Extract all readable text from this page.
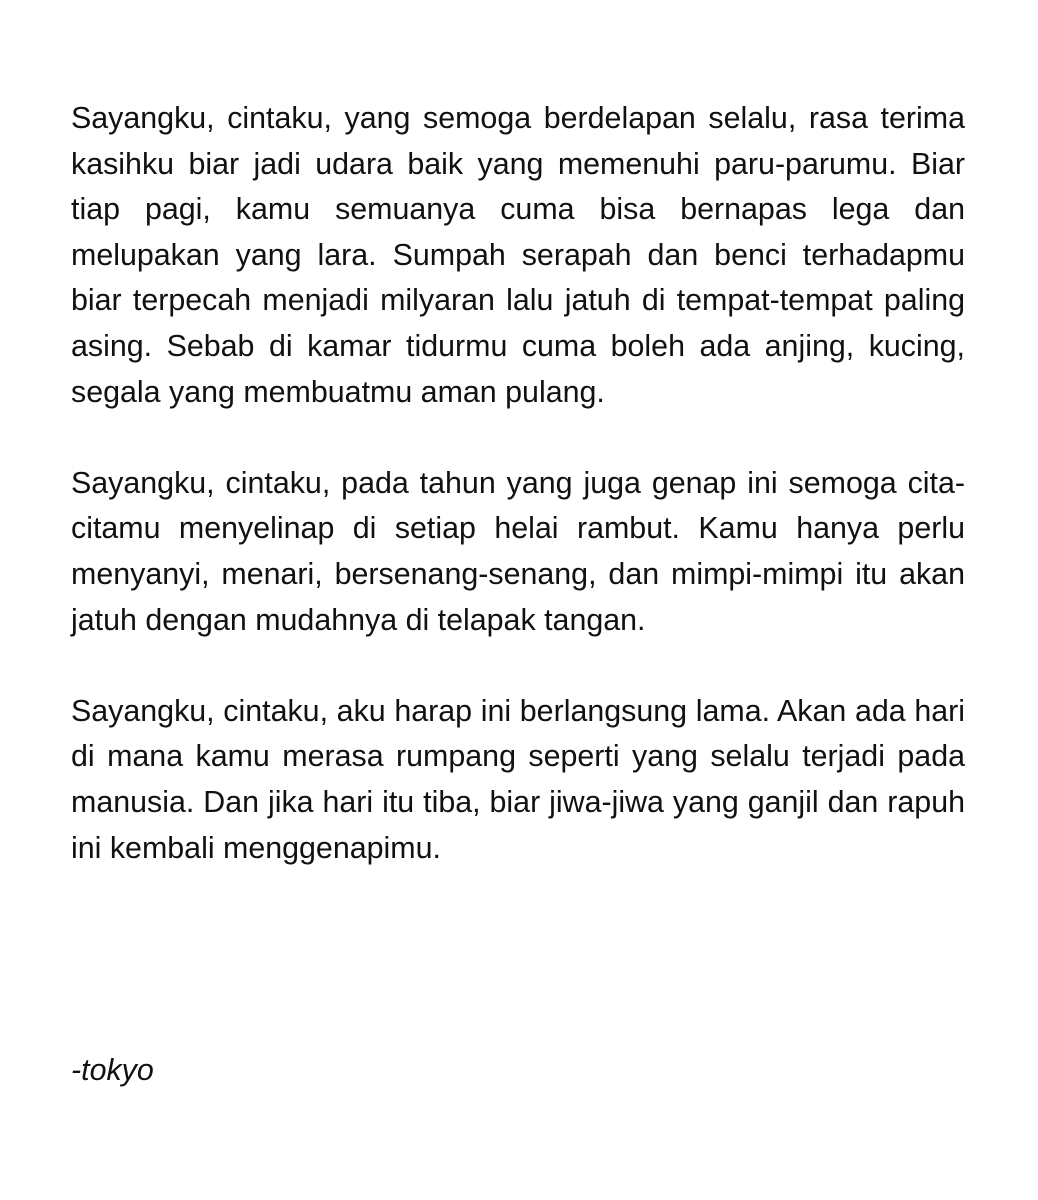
Sayangku, cintaku, yang semoga berdelapan selalu, rasa terima kasihku biar jadi udara baik yang memenuhi paru-parumu. Biar tiap pagi, kamu semuanya cuma bisa bernapas lega dan melupakan yang lara. Sumpah serapah dan benci terhadapmu biar terpecah menjadi milyaran lalu jatuh di tempat-tempat paling asing. Sebab di kamar tidurmu cuma boleh ada anjing, kucing, segala yang membuatmu aman pulang.

Sayangku, cintaku, pada tahun yang juga genap ini semoga cita-citamu menyelinap di setiap helai rambut. Kamu hanya perlu menyanyi, menari, bersenang-senang, dan mimpi-mimpi itu akan jatuh dengan mudahnya di telapak tangan.

Sayangku, cintaku, aku harap ini berlangsung lama. Akan ada hari di mana kamu merasa rumpang seperti yang selalu terjadi pada manusia. Dan jika hari itu tiba, biar jiwa-jiwa yang ganjil dan rapuh ini kembali menggenapimu.

-tokyo
